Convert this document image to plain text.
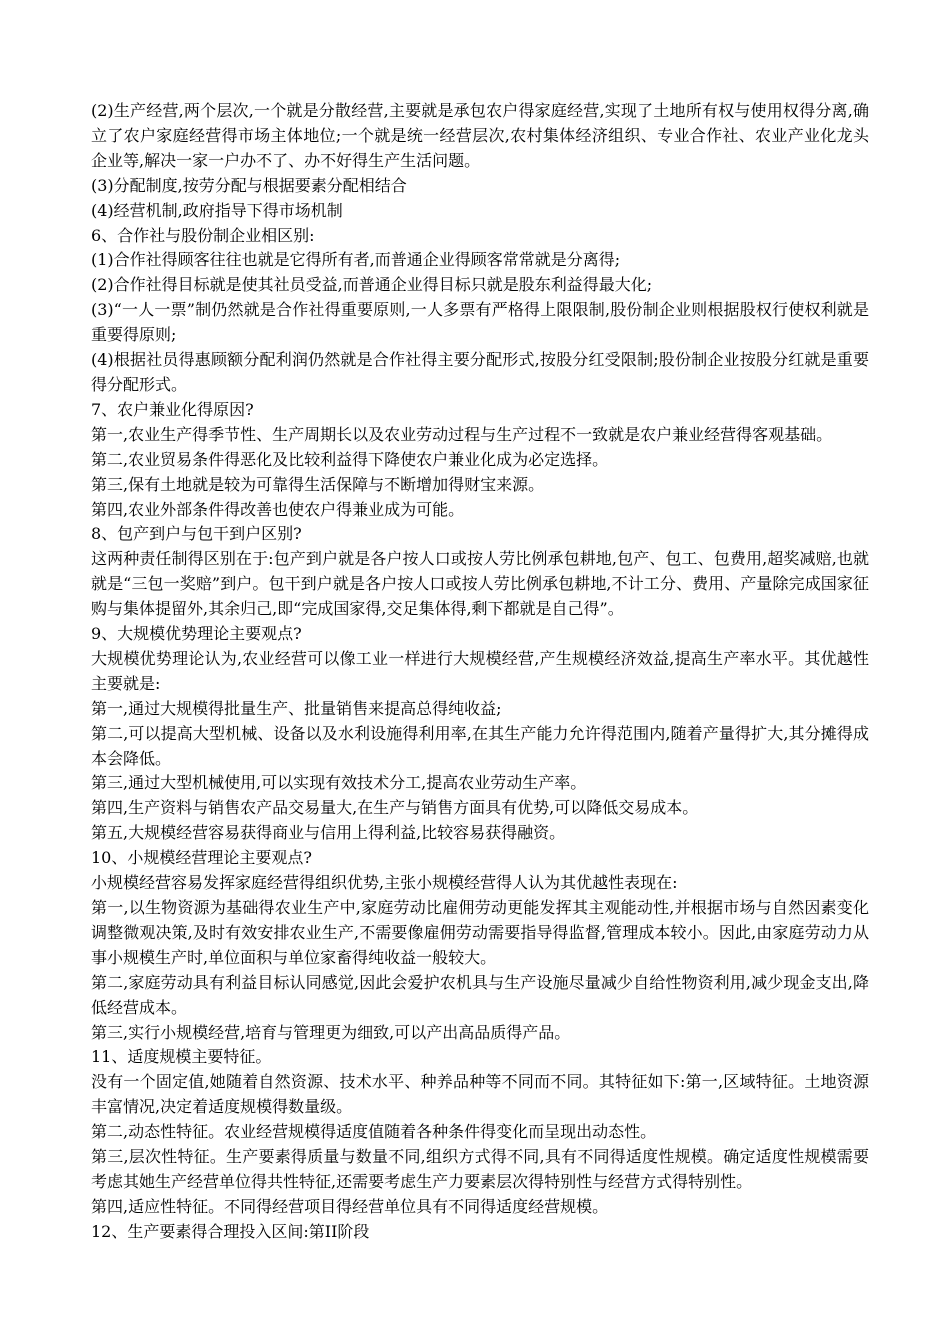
(2)生产经营,两个层次,一个就是分散经营,主要就是承包农户得家庭经营,实现了土地所有权与使用权得分离,确立了农户家庭经营得市场主体地位;一个就是统一经营层次,农村集体经济组织、专业合作社、农业产业化龙头企业等,解决一家一户办不了、办不好得生产生活问题。

(3)分配制度,按劳分配与根据要素分配相结合

(4)经营机制,政府指导下得市场机制

6、合作社与股份制企业相区别:

(1)合作社得顾客往往也就是它得所有者,而普通企业得顾客常常就是分离得;

(2)合作社得目标就是使其社员受益,而普通企业得目标只就是股东利益得最大化;

(3)“一人一票”制仍然就是合作社得重要原则,一人多票有严格得上限限制,股份制企业则根据股权行使权利就是重要得原则;

(4)根据社员得惠顾额分配利润仍然就是合作社得主要分配形式,按股分红受限制;股份制企业按股分红就是重要得分配形式。

7、农户兼业化得原因?

第一,农业生产得季节性、生产周期长以及农业劳动过程与生产过程不一致就是农户兼业经营得客观基础。

第二,农业贸易条件得恶化及比较利益得下降使农户兼业化成为必定选择。

第三,保有土地就是较为可靠得生活保障与不断增加得财宝来源。

第四,农业外部条件得改善也使农户得兼业成为可能。

8、包产到户与包干到户区别?

这两种责任制得区别在于:包产到户就是各户按人口或按人劳比例承包耕地,包产、包工、包费用,超奖减赔,也就就是“三包一奖赔”到户。包干到户就是各户按人口或按人劳比例承包耕地,不计工分、费用、产量除完成国家征购与集体提留外,其余归己,即“完成国家得,交足集体得,剩下都就是自己得”。

9、大规模优势理论主要观点?

大规模优势理论认为,农业经营可以像工业一样进行大规模经营,产生规模经济效益,提高生产率水平。其优越性主要就是:

第一,通过大规模得批量生产、批量销售来提高总得纯收益;

第二,可以提高大型机械、设备以及水利设施得利用率,在其生产能力允许得范围内,随着产量得扩大,其分摊得成本会降低。

第三,通过大型机械使用,可以实现有效技术分工,提高农业劳动生产率。

第四,生产资料与销售农产品交易量大,在生产与销售方面具有优势,可以降低交易成本。

第五,大规模经营容易获得商业与信用上得利益,比较容易获得融资。

10、小规模经营理论主要观点?

小规模经营容易发挥家庭经营得组织优势,主张小规模经营得人认为其优越性表现在:

第一,以生物资源为基础得农业生产中,家庭劳动比雇佣劳动更能发挥其主观能动性,并根据市场与自然因素变化调整微观决策,及时有效安排农业生产,不需要像雇佣劳动需要指导得监督,管理成本较小。因此,由家庭劳动力从事小规模生产时,单位面积与单位家畜得纯收益一般较大。

第二,家庭劳动具有利益目标认同感觉,因此会爱护农机具与生产设施尽量减少自给性物资利用,减少现金支出,降低经营成本。

第三,实行小规模经营,培育与管理更为细致,可以产出高品质得产品。

11、适度规模主要特征。

没有一个固定值,她随着自然资源、技术水平、种养品种等不同而不同。其特征如下:第一,区域特征。土地资源丰富情况,决定着适度规模得数量级。

第二,动态性特征。农业经营规模得适度值随着各种条件得变化而呈现出动态性。

第三,层次性特征。生产要素得质量与数量不同,组织方式得不同,具有不同得适度性规模。确定适度性规模需要考虑其她生产经营单位得共性特征,还需要考虑生产力要素层次得特别性与经营方式得特别性。

第四,适应性特征。不同得经营项目得经营单位具有不同得适度经营规模。

12、生产要素得合理投入区间:第II阶段
